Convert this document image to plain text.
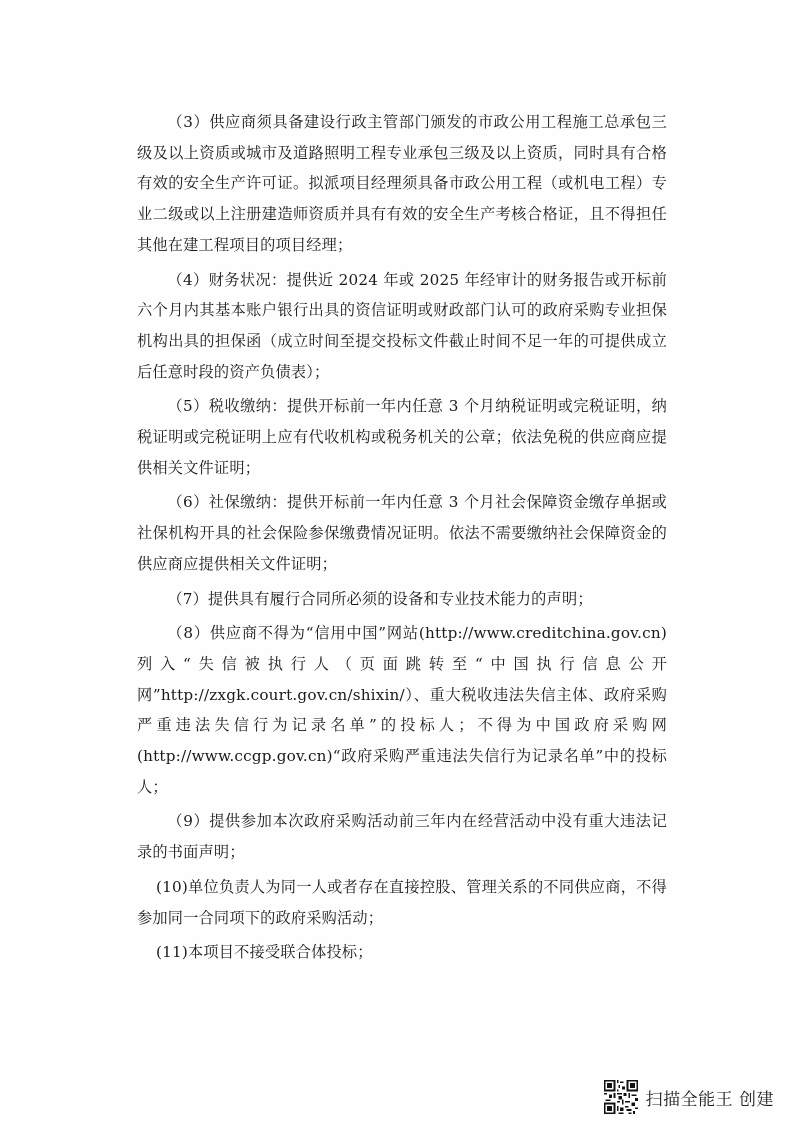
（3）供应商须具备建设行政主管部门颁发的市政公用工程施工总承包三级及以上资质或城市及道路照明工程专业承包三级及以上资质，同时具有合格有效的安全生产许可证。拟派项目经理须具备市政公用工程（或机电工程）专业二级或以上注册建造师资质并具有有效的安全生产考核合格证，且不得担任其他在建工程项目的项目经理；

（4）财务状况：提供近 2024 年或 2025 年经审计的财务报告或开标前六个月内其基本账户银行出具的资信证明或财政部门认可的政府采购专业担保机构出具的担保函（成立时间至提交投标文件截止时间不足一年的可提供成立后任意时段的资产负债表）；

（5）税收缴纳：提供开标前一年内任意 3 个月纳税证明或完税证明，纳税证明或完税证明上应有代收机构或税务机关的公章；依法免税的供应商应提供相关文件证明；

（6）社保缴纳：提供开标前一年内任意 3 个月社会保障资金缴存单据或社保机构开具的社会保险参保缴费情况证明。依法不需要缴纳社会保障资金的供应商应提供相关文件证明；

（7）提供具有履行合同所必须的设备和专业技术能力的声明；

（8）供应商不得为“信用中国”网站(http://www.creditchina.gov.cn)列入“失信被执行人（页面跳转至“中国执行信息公开网”http://zxgk.court.gov.cn/shixin/）、重大税收违法失信主体、政府采购严重违法失信行为记录名单”的投标人；不得为中国政府采购网(http://www.ccgp.gov.cn)“政府采购严重违法失信行为记录名单”中的投标人；

（9）提供参加本次政府采购活动前三年内在经营活动中没有重大违法记录的书面声明；

(10)单位负责人为同一人或者存在直接控股、管理关系的不同供应商，不得参加同一合同项下的政府采购活动；

(11)本项目不接受联合体投标；

扫描全能王 创建
